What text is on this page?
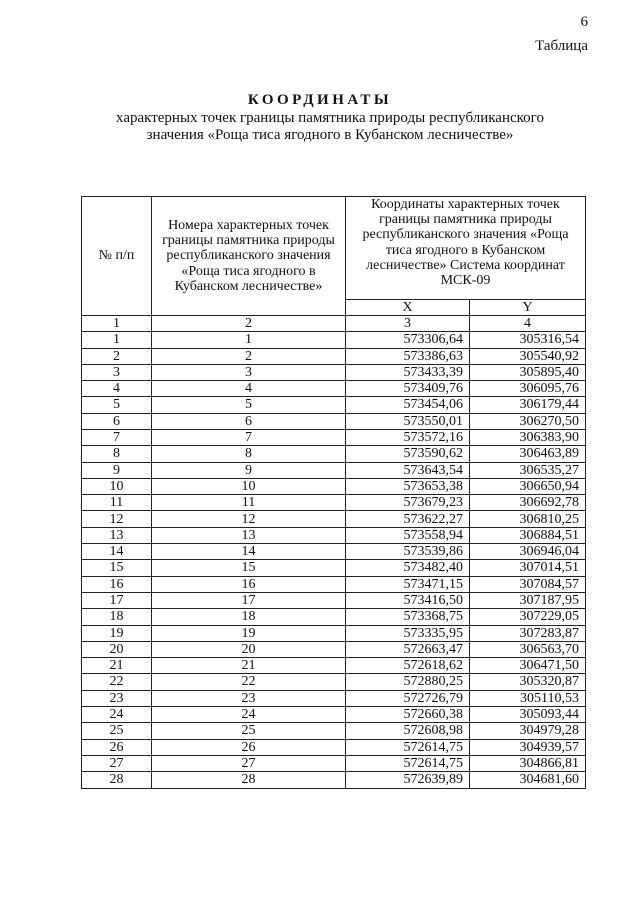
6
Таблица
КООРДИНАТЫ
характерных точек границы памятника природы республиканского значения «Роща тиса ягодного в Кубанском лесничестве»
№ п/п	Номера характерных точек границы памятника природы республиканского значения «Роща тиса ягодного в Кубанском лесничестве»	Координаты характерных точек границы памятника природы республиканского значения «Роща тиса ягодного в Кубанском лесничестве» Система координат МСК-09	
		X	Y
1	2	3	4
1	1	573306,64	305316,54
2	2	573386,63	305540,92
3	3	573433,39	305895,40
4	4	573409,76	306095,76
5	5	573454,06	306179,44
6	6	573550,01	306270,50
7	7	573572,16	306383,90
8	8	573590,62	306463,89
9	9	573643,54	306535,27
10	10	573653,38	306650,94
11	11	573679,23	306692,78
12	12	573622,27	306810,25
13	13	573558,94	306884,51
14	14	573539,86	306946,04
15	15	573482,40	307014,51
16	16	573471,15	307084,57
17	17	573416,50	307187,95
18	18	573368,75	307229,05
19	19	573335,95	307283,87
20	20	572663,47	306563,70
21	21	572618,62	306471,50
22	22	572880,25	305320,87
23	23	572726,79	305110,53
24	24	572660,38	305093,44
25	25	572608,98	304979,28
26	26	572614,75	304939,57
27	27	572614,75	304866,81
28	28	572639,89	304681,60
